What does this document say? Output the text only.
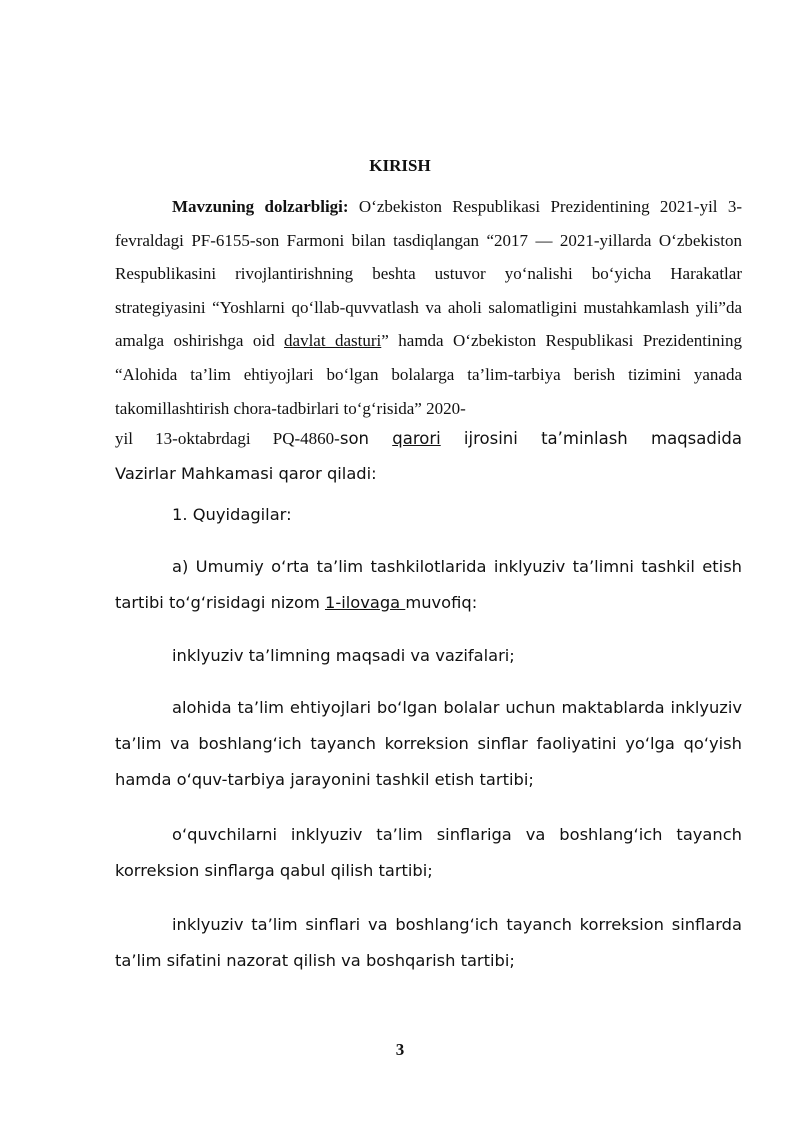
KIRISH
Mavzuning dolzarbligi: O‘zbekiston Respublikasi Prezidentining 2021-yil 3-fevraldagi PF-6155-son Farmoni bilan tasdiqlangan “2017 — 2021-yillarda O‘zbekiston Respublikasini rivojlantirishning beshta ustuvor yo‘nalishi bo‘yicha Harakatlar strategiyasini “Yoshlarni qo‘llab-quvvatlash va aholi salomatligini mustahkamlash yili”da amalga oshirishga oid davlat dasturi” hamda O‘zbekiston Respublikasi Prezidentining “Alohida ta’lim ehtiyojlari bo‘lgan bolalarga ta’lim-tarbiya berish tizimini yanada takomillashtirish chora-tadbirlari to‘g‘risida” 2020-
yil 13-oktabrdagi PQ-4860-son qarori ijrosini ta’minlash maqsadida
Vazirlar Mahkamasi qaror qiladi:
1. Quyidagilar:
a) Umumiy o‘rta ta’lim tashkilotlarida inklyuziv ta’limni tashkil etish tartibi to‘g‘risidagi nizom 1-ilovaga muvofiq:
inklyuziv ta’limning maqsadi va vazifalari;
alohida ta’lim ehtiyojlari bo‘lgan bolalar uchun maktablarda inklyuziv ta’lim va boshlang‘ich tayanch korreksion sinflar faoliyatini yo‘lga qo‘yish hamda o‘quv-tarbiya jarayonini tashkil etish tartibi;
o‘quvchilarni inklyuziv ta’lim sinflariga va boshlang‘ich tayanch korreksion sinflarga qabul qilish tartibi;
inklyuziv ta’lim sinflari va boshlang‘ich tayanch korreksion sinflarda ta’lim sifatini nazorat qilish va boshqarish tartibi;
3
